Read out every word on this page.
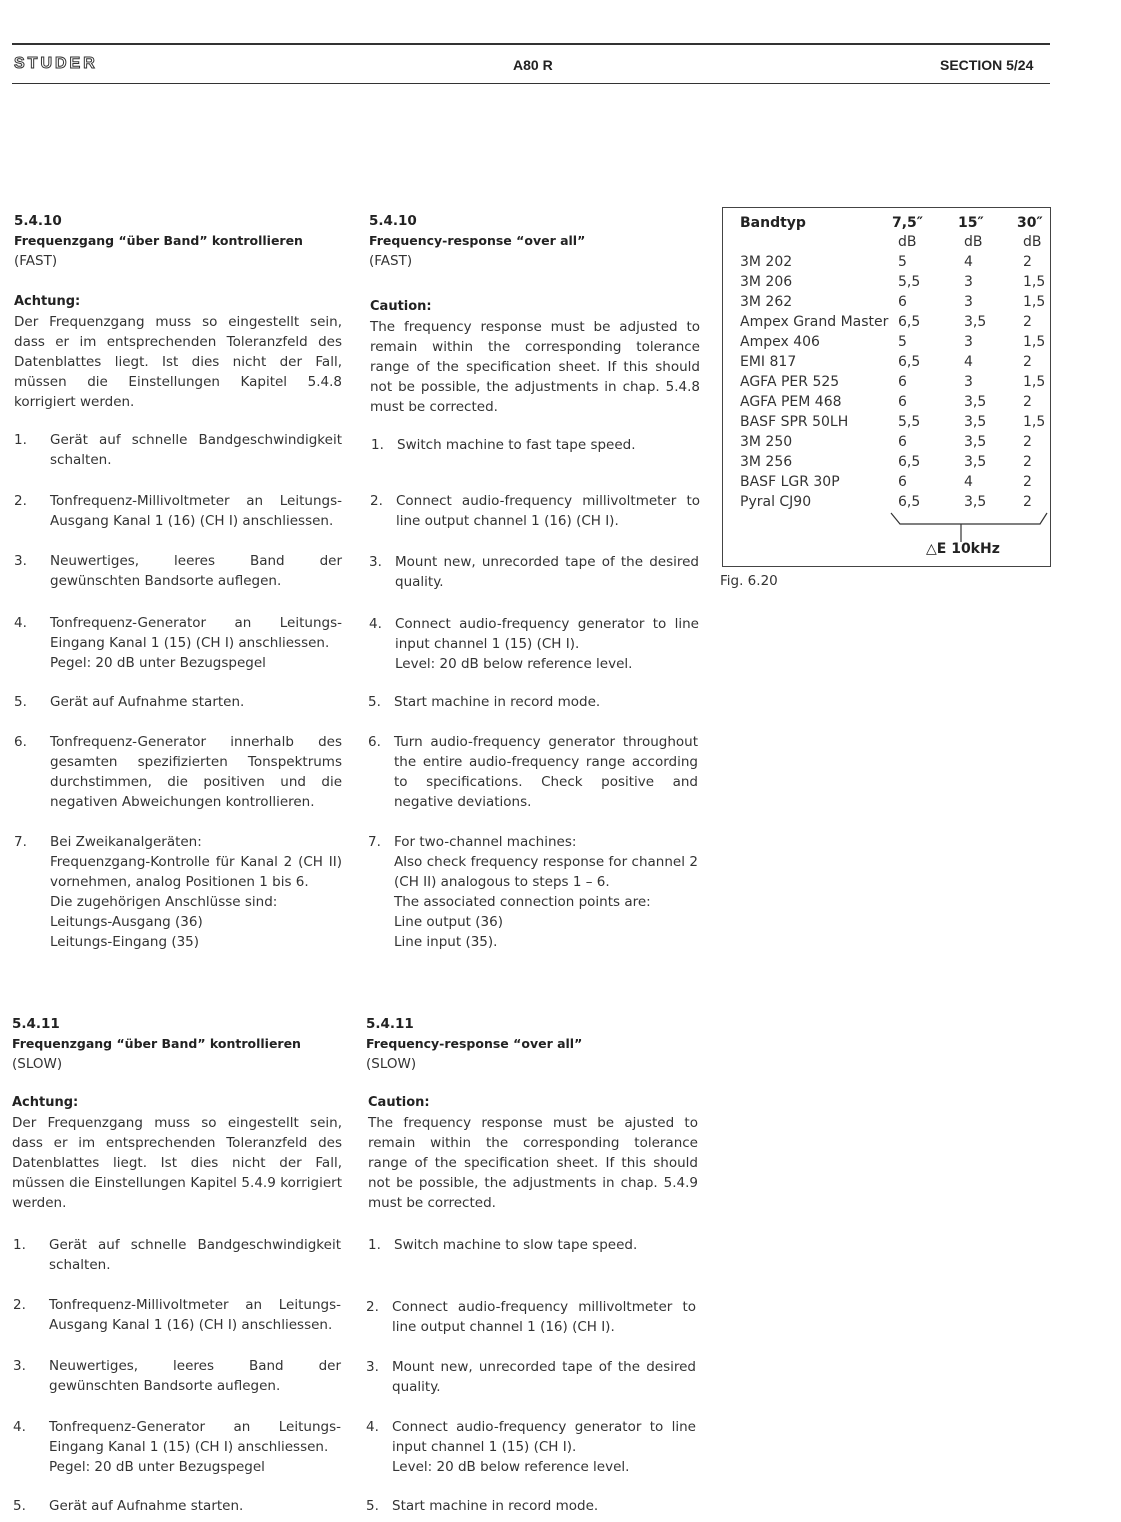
STUDER	A80 R	SECTION 5/24

5.4.10

Frequenzgang “über Band” kontrollieren

(FAST)

Achtung:

Der Frequenzgang muss so eingestellt sein, dass er im entsprechenden Toleranzfeld des Datenblattes liegt. Ist dies nicht der Fall, müssen die Einstellungen Kapitel 5.4.8 korrigiert werden.

1. Gerät auf schnelle Bandgeschwindigkeit schalten.

2. Tonfrequenz-Millivoltmeter an Leitungs-Ausgang Kanal 1 (16) (CH I) anschliessen.

3. Neuwertiges, leeres Band der gewünschten Bandsorte auflegen.

4. Tonfrequenz-Generator an Leitungs-Eingang Kanal 1 (15) (CH I) anschliessen.

Pegel: 20 dB unter Bezugspegel

5. Gerät auf Aufnahme starten.

6. Tonfrequenz-Generator innerhalb des gesamten spezifizierten Tonspektrums durchstimmen, die positiven und die negativen Abweichungen kontrollieren.

7. Bei Zweikanalgeräten:

Frequenzgang-Kontrolle für Kanal 2 (CH II) vornehmen, analog Positionen 1 bis 6.

Die zugehörigen Anschlüsse sind:

Leitungs-Ausgang (36)

Leitungs-Eingang (35)

5.4.10

Frequency-response “over all”

(FAST)

Caution:

The frequency response must be adjusted to remain within the corresponding tolerance range of the specification sheet. If this should not be possible, the adjustments in chap. 5.4.8 must be corrected.

1. Switch machine to fast tape speed.

2. Connect audio-frequency millivoltmeter to line output channel 1 (16) (CH I).

3. Mount new, unrecorded tape of the desired quality.

4. Connect audio-frequency generator to line input channel 1 (15) (CH I).

Level: 20 dB below reference level.

5. Start machine in record mode.

6. Turn audio-frequency generator throughout the entire audio-frequency range according to specifications. Check positive and negative deviations.

7. For two-channel machines:

Also check frequency response for channel 2 (CH II) analogous to steps 1 – 6.

The associated connection points are:

Line output (36)

Line input (35).

5.4.11

Frequenzgang “über Band” kontrollieren

(SLOW)

Achtung:

Der Frequenzgang muss so eingestellt sein, dass er im entsprechenden Toleranzfeld des Datenblattes liegt. Ist dies nicht der Fall, müssen die Einstellungen Kapitel 5.4.9 korrigiert werden.

1. Gerät auf schnelle Bandgeschwindigkeit schalten.

2. Tonfrequenz-Millivoltmeter an Leitungs-Ausgang Kanal 1 (16) (CH I) anschliessen.

3. Neuwertiges, leeres Band der gewünschten Bandsorte auflegen.

4. Tonfrequenz-Generator an Leitungs-Eingang Kanal 1 (15) (CH I) anschliessen.

Pegel: 20 dB unter Bezugspegel

5. Gerät auf Aufnahme starten.

5.4.11

Frequency-response “over all”

(SLOW)

Caution:

The frequency response must be ajusted to remain within the corresponding tolerance range of the specification sheet. If this should not be possible, the adjustments in chap. 5.4.9 must be corrected.

1. Switch machine to slow tape speed.

2. Connect audio-frequency millivoltmeter to line output channel 1 (16) (CH I).

3. Mount new, unrecorded tape of the desired quality.

4. Connect audio-frequency generator to line input channel 1 (15) (CH I).

Level: 20 dB below reference level.

5. Start machine in record mode.

Bandtyp	7,5″ 15″ 30″
dB	dB	dB
3M 202	5	4	2
3M 206	5,5	3	1,5
3M 262	6	3	1,5
Ampex Grand Master 6,5	3,5	2
Ampex 406	5	3	1,5
EMI 817	6,5	4	2
AGFA PER 525	6	3	1,5
AGFA PEM 468	6	3,5	2
BASF SPR 50LH	5,5	3,5	1,5
3M 250	6	3,5	2
3M 256	6,5	3,5	2
BASF LGR 30P	6	4	2
Pyral CJ90	6,5	3,5	2
△E 10kHz
Fig. 6.20
